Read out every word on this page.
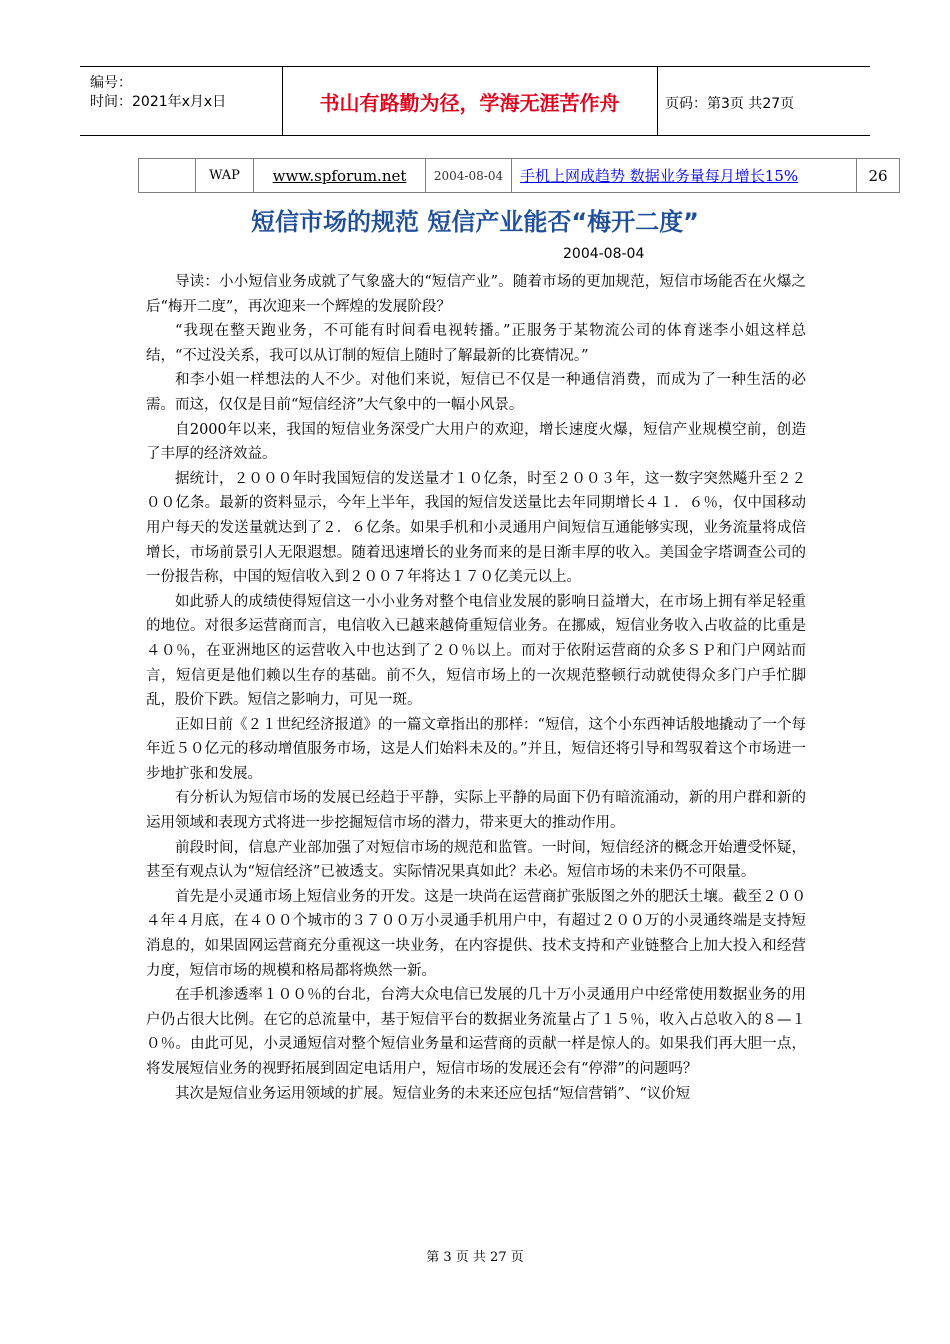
编号：
时间：2021年x月x日	书山有路勤为径，学海无涯苦作舟	页码：第3页 共27页
WAP	www.spforum.net	2004-08-04	手机上网成趋势 数据业务量每月增长15%	26
短信市场的规范 短信产业能否“梅开二度”
2004-08-04

导读：小小短信业务成就了气象盛大的“短信产业”。随着市场的更加规范，短信市场能否在火爆之后“梅开二度”，再次迎来一个辉煌的发展阶段？

“我现在整天跑业务，不可能有时间看电视转播。”正服务于某物流公司的体育迷李小姐这样总结，“不过没关系，我可以从订制的短信上随时了解最新的比赛情况。”

和李小姐一样想法的人不少。对他们来说，短信已不仅是一种通信消费，而成为了一种生活的必需。而这，仅仅是目前“短信经济”大气象中的一幅小风景。

自2000年以来，我国的短信业务深受广大用户的欢迎，增长速度火爆，短信产业规模空前，创造了丰厚的经济效益。

据统计，２０００年时我国短信的发送量才１０亿条，时至２００３年，这一数字突然飚升至２２００亿条。最新的资料显示，今年上半年，我国的短信发送量比去年同期增长４１．６％，仅中国移动用户每天的发送量就达到了２．６亿条。如果手机和小灵通用户间短信互通能够实现，业务流量将成倍增长，市场前景引人无限遐想。随着迅速增长的业务而来的是日渐丰厚的收入。美国金字塔调查公司的一份报告称，中国的短信收入到２００７年将达１７０亿美元以上。

如此骄人的成绩使得短信这一小小业务对整个电信业发展的影响日益增大，在市场上拥有举足轻重的地位。对很多运营商而言，电信收入已越来越倚重短信业务。在挪威，短信业务收入占收益的比重是４０％，在亚洲地区的运营收入中也达到了２０％以上。而对于依附运营商的众多ＳＰ和门户网站而言，短信更是他们赖以生存的基础。前不久，短信市场上的一次规范整顿行动就使得众多门户手忙脚乱，股价下跌。短信之影响力，可见一斑。

正如日前《２１世纪经济报道》的一篇文章指出的那样：“短信，这个小东西神话般地撬动了一个每年近５０亿元的移动增值服务市场，这是人们始料未及的。”并且，短信还将引导和驾驭着这个市场进一步地扩张和发展。

有分析认为短信市场的发展已经趋于平静，实际上平静的局面下仍有暗流涌动，新的用户群和新的运用领域和表现方式将进一步挖掘短信市场的潜力，带来更大的推动作用。

前段时间，信息产业部加强了对短信市场的规范和监管。一时间，短信经济的概念开始遭受怀疑，甚至有观点认为“短信经济”已被透支。实际情况果真如此？未必。短信市场的未来仍不可限量。

首先是小灵通市场上短信业务的开发。这是一块尚在运营商扩张版图之外的肥沃土壤。截至２００４年４月底，在４００个城市的３７００万小灵通手机用户中，有超过２００万的小灵通终端是支持短消息的，如果固网运营商充分重视这一块业务，在内容提供、技术支持和产业链整合上加大投入和经营力度，短信市场的规模和格局都将焕然一新。

在手机渗透率１００％的台北，台湾大众电信已发展的几十万小灵通用户中经常使用数据业务的用户仍占很大比例。在它的总流量中，基于短信平台的数据业务流量占了１５％，收入占总收入的８—１０％。由此可见，小灵通短信对整个短信业务量和运营商的贡献一样是惊人的。如果我们再大胆一点，将发展短信业务的视野拓展到固定电话用户，短信市场的发展还会有“停滞”的问题吗？

其次是短信业务运用领域的扩展。短信业务的未来还应包括“短信营销”、“议价短

第 3 页 共 27 页
